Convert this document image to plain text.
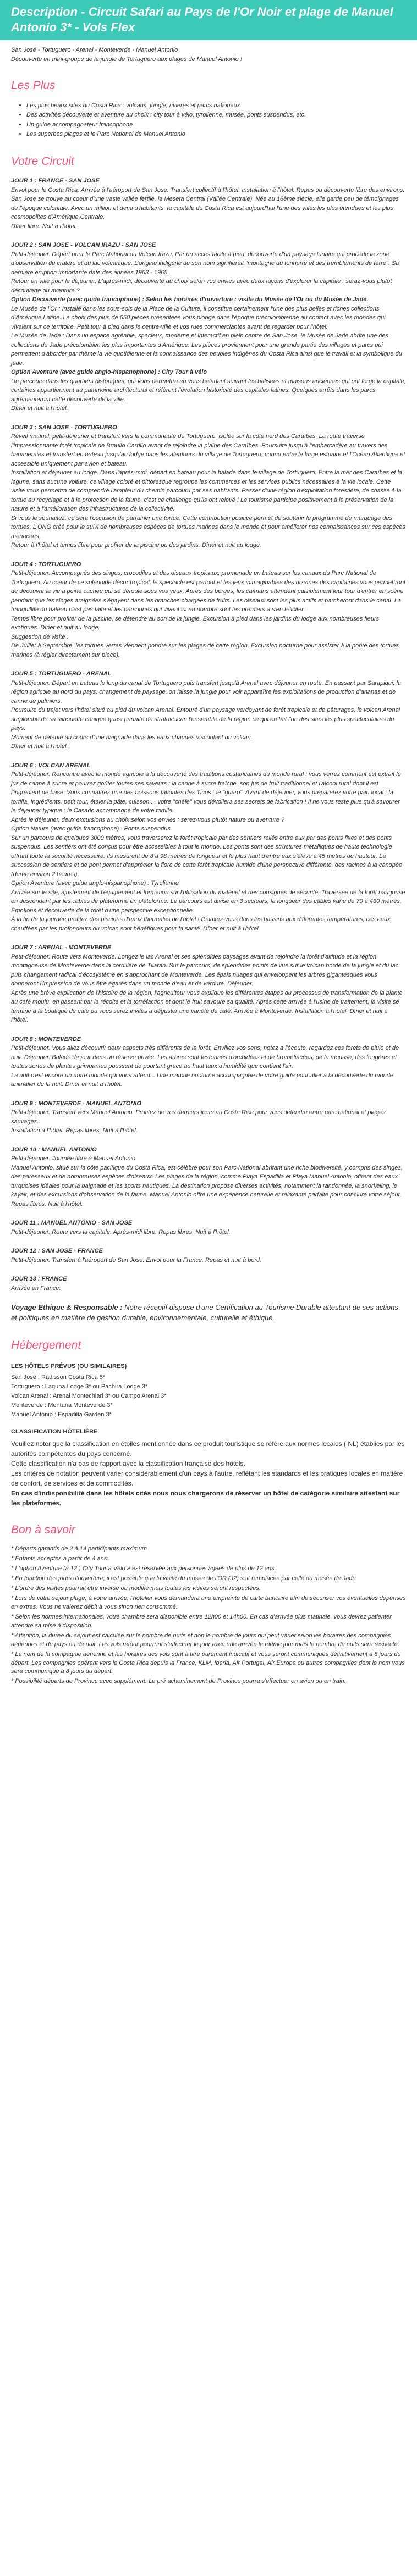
Description - Circuit Safari au Pays de l'Or Noir et plage de Manuel Antonio 3* - Vols Flex

San José - Tortuguero - Arenal - Monteverde - Manuel Antonio

Découverte en mini-groupe de la jungle de Tortuguero aux plages de Manuel Antonio !

Les Plus
• Les plus beaux sites du Costa Rica : volcans, jungle, rivières et parcs nationaux
• Des activités découverte et aventure au choix : city tour à vélo, tyrolienne, musée, ponts suspendus, etc.
• Un guide accompagnateur francophone
• Les superbes plages et le Parc National de Manuel Antonio
Votre Circuit

JOUR 1 : FRANCE - SAN JOSE

Envol pour le Costa Rica. Arrivée à l'aéroport de San Jose. Transfert collectif à l'hôtel. Installation à l'hôtel. Repas ou découverte libre des environs.

San Jose se trouve au coeur d'une vaste vallée fertile, la Meseta Central (Vallée Centrale). Née au 18ème siècle, elle garde peu de témoignages de l'époque coloniale. Avec un million et demi d'habitants, la capitale du Costa Rica est aujourd'hui l'une des villes les plus étendues et les plus cosmopolites d'Amérique Centrale.

Dîner libre. Nuit à l'hôtel.

JOUR 2 : SAN JOSE - VOLCAN IRAZU - SAN JOSE

Petit-déjeuner. Départ pour le Parc National du Volcan Irazu. Par un accès facile à pied, découverte d'un paysage lunaire qui procède la zone d'observation du cratère et du lac volcanique. L'origine indigène de son nom signifierait "montagne du tonnerre et des tremblements de terre". Sa dernière éruption importante date des années 1963 - 1965.

Retour en ville pour le déjeuner. L'après-midi, découverte au choix selon vos envies avec deux façons d'explorer la capitale : seraz-vous plutôt découverte ou aventure ?

Option Découverte (avec guide francophone) : Selon les horaires d'ouverture : visite du Musée de l'Or ou du Musée de Jade.

Le Musée de l'Or : Installé dans les sous-sols de la Place de la Culture, il constitue certainement l'une des plus belles et riches collections d'Amérique Latine. Le choix des plus de 650 pièces présentées vous plonge dans l'époque précolombienne au contact avec les mondes qui vivaient sur ce territoire. Petit tour à pied dans le centre-ville et vos rues commerciantes avant de regarder pour l'hôtel.

Le Musée de Jade : Dans un espace agréable, spacieux, moderne et interactif en plein centre de San Jose, le Musée de Jade abrite une des collections de Jade précolombien les plus importantes d'Amérique. Les pièces proviennent pour une grande partie des villages et parcs qui permettent d'aborder par thème la vie quotidienne et la connaissance des peuples indigènes du Costa Rica ainsi que le travail et la symbolique du jade.

Option Aventure (avec guide anglo-hispanophone) : City Tour à vélo

Un parcours dans les quartiers historiques, qui vous permettra en vous baladant suivant les balisées et maisons anciennes qui ont forgé la capitale, certaines appartiennent au patrimoine architectural et réfèrent l'évolution historicité des capitales latines. Quelques arrêts dans les parcs agrémenteront cette découverte de la ville.

Dîner et nuit à l'hôtel.

JOUR 3 : SAN JOSE - TORTUGUERO

Réveil matinal, petit-déjeuner et transfert vers la communauté de Tortuguero, isolée sur la côte nord des Caraïbes. La route traverse l'impressionnante forêt tropicale de Braulio Carrillo avant de rejoindre la plaine des Caraïbes. Poursuite jusqu'à l'embarcadère au travers des bananeraies et transfert en bateau jusqu'au lodge dans les alentours du village de Tortuguero, connu entre le large estuaire et l'Océan Atlantique et accessible uniquement par avion et bateau.

Installation et déjeuner au lodge. Dans l'après-midi, départ en bateau pour la balade dans le village de Tortuguero. Entre la mer des Caraïbes et la lagune, sans aucune voiture, ce village coloré et pittoresque regroupe les commerces et les services publics nécessaires à la vie locale. Cette visite vous permettra de comprendre l'ampleur du chemin parcouru par ses habitants. Passer d'une région d'exploitation forestière, de chasse à la tortue au recyclage et à la protection de la faune, c'est ce challenge qu'ils ont relevé ! Le tourisme participe positivement à la préservation de la nature et à l'amélioration des infrastructures de la collectivité.

Si vous le souhaitez, ce sera l'occasion de parrainer une tortue. Cette contribution positive permet de soutenir le programme de marquage des tortues. L'ONG créé pour le suivi de nombreuses espèces de tortues marines dans le monde et pour améliorer nos connaissances sur ces espèces menacées.

Retour à l'hôtel et temps libre pour profiter de la piscine ou des jardins. Dîner et nuit au lodge.

JOUR 4 : TORTUGUERO

Petit-déjeuner. Accompagnés des singes, crocodiles et des oiseaux tropicaux, promenade en bateau sur les canaux du Parc National de Tortuguero. Au coeur de ce splendide décor tropical, le spectacle est partout et les jeux inimaginables des dizaines des capitaines vous permettront de découvrir la vie à peine cachée qui se déroule sous vos yeux. Après des berges, les caïmans attendent paisiblement leur tour d'entrer en scène pendant que les singes araignées s'égayent dans les branches chargées de fruits. Les oiseaux sont les plus actifs et parcheront dans le canal. La tranquillité du bateau n'est pas faite et les personnes qui vivent ici en nombre sont les premiers à s'en féliciter.

Temps libre pour profiter de la piscine, se détendre au son de la jungle. Excursion à pied dans les jardins du lodge aux nombreuses fleurs exotiques. Dîner et nuit au lodge.

Suggestion de visite :

De Juillet à Septembre, les tortues vertes viennent pondre sur les plages de cette région. Excursion nocturne pour assister à la ponte des tortues marines (à régler directement sur place).

JOUR 5 : TORTUGUERO - ARENAL

Petit-déjeuner. Départ en bateau le long du canal de Tortuguero puis transfert jusqu'à Arenal avec déjeuner en route. En passant par Sarapiqui, la région agricole au nord du pays, changement de paysage, on laisse la jungle pour voir apparaître les exploitations de production d'ananas et de canne de palmiers.

Poursuite du trajet vers l'hôtel situé au pied du volcan Arenal. Entouré d'un paysage verdoyant de forêt tropicale et de pâturages, le volcan Arenal surplombe de sa silhouette conique quasi parfaite de stratovolcan l'ensemble de la région ce qui en fait l'un des sites les plus spectaculaires du pays.

Moment de détente au cours d'une baignade dans les eaux chaudes viscoulant du volcan.

Dîner et nuit à l'hôtel.

JOUR 6 : VOLCAN ARENAL

Petit-déjeuner. Rencontre avec le monde agricole à la découverte des traditions costaricaines du monde rural : vous verrez comment est extrait le jus de canne à sucre et pourrez goûter toutes ses saveurs : la canne à sucre fraîche, son jus de fruit traditionnel et l'alcool rural dont il est l'ingrédient de base. Vous connaîtrez une des boissons favorites des Ticos : le "guaro". Avant de déjeuner, vous préparerez votre pain local : la tortilla. Ingrédients, petit tour, étaler la pâte, cuisson.... votre "chéfe" vous dévoilera ses secrets de fabrication ! Il ne vous reste plus qu'à savourer le déjeuner typique : le Casado accompagné de votre tortilla.

Après le déjeuner, deux excursions au choix selon vos envies : serez-vous plutôt nature ou aventure ?

Option Nature (avec guide francophone) : Ponts suspendus

Sur un parcours de quelques 3000 mètres, vous traverserez la forêt tropicale par des sentiers reliés entre eux par des ponts fixes et des ponts suspendus. Les sentiers ont été conçus pour être accessibles à tout le monde. Les ponts sont des structures métalliques de haute technologie offrant toute la sécurité nécessaire. Ils mesurent de 8 à 98 mètres de longueur et le plus haut d'entre eux s'élève à 45 mètres de hauteur. La succession de sentiers et de pont permet d'apprécier la flore de cette forêt tropicale humide d'une perspective différente, des racines à la canopée (durée environ 2 heures).

Option Aventure (avec guide anglo-hispanophone) : Tyrolienne

Arrivée sur le site, ajustement de l'équipement et formation sur l'utilisation du matériel et des consignes de sécurité. Traversée de la forêt naugouse en descendant par les câbles de plateforme en plateforme. Le parcours est divisé en 3 secteurs, la longueur des câbles varie de 70 à 430 mètres. Émotions et découverte de la forêt d'une perspective exceptionnelle.

À la fin de la journée profitez des piscines d'eaux thermales de l'hôtel ! Relaxez-vous dans les bassins aux différentes températures, ces eaux chauffées par les profondeurs du volcan sont bénéfiques pour la santé. Dîner et nuit à l'hôtel.

JOUR 7 : ARENAL - MONTEVERDE

Petit-déjeuner. Route vers Monteverde. Longez le lac Arenal et ses splendides paysages avant de rejoindre la forêt d'altitude et la région montagneuse de Monteverde dans la cordillère de Tilaran. Sur le parcours, de splendides points de vue sur le volcan horde de la jungle et du lac puis changement radical d'écosystème en s'approchant de Monteverde. Les épais nuages qui enveloppent les arbres gigantesques vous donneront l'impression de vous être égarés dans un monde d'eau et de verdure. Déjeuner.

Après une brève explication de l'histoire de la région, l'agriculteur vous explique les différentes étapes du processus de transformation de la plante au café moulu, en passant par la récolte et la torréfaction et dont le fruit savoure sa qualité. Après cette arrivée à l'usine de traitement, la visite se termine à la boutique de café ou vous serez invités à déguster une variété de café. Arrivée à Monteverde. Installation à l'hôtel. Dîner et nuit à l'hôtel.

JOUR 8 : MONTEVERDE

Petit-déjeuner. Vous allez découvrir deux aspects très différents de la forêt. Envillez vos sens, notez a l'écoute, regardez ces forets de pluie et de nuit. Déjeuner. Balade de jour dans un réserve privée. Les arbres sont festonnés d'orchidées et de broméliacées, de la mousse, des fougères et toutes sortes de plantes grimpantes poussent de pourtant grace au haut taux d'humidité que contient l'air.

La nuit c'est encore un autre monde qui vous attend... Une marche nocturne accompagnée de votre guide pour aller à la découverte du monde animalier de la nuit. Dîner et nuit à l'hôtel.

JOUR 9 : MONTEVERDE - MANUEL ANTONIO

Petit-déjeuner. Transfert vers Manuel Antonio. Profitez de vos derniers jours au Costa Rica pour vous détendre entre parc national et plages sauvages.

Installation à l'hôtel. Repas libres. Nuit à l'hôtel.

JOUR 10 : MANUEL ANTONIO

Petit-déjeuner. Journée libre à Manuel Antonio.

Manuel Antonio, situé sur la côte pacifique du Costa Rica, est célèbre pour son Parc National abritant une riche biodiversité, y compris des singes, des paresseux et de nombreuses espèces d'oiseaux. Les plages de la région, comme Playa Espadilla et Playa Manuel Antonio, offrent des eaux turquoises idéales pour la baignade et les sports nautiques. La destination propose diverses activités, notamment la randonnée, la snorkeling, le kayak, et des excursions d'observation de la faune. Manuel Antonio offre une expérience naturelle et relaxante parfaite pour conclure votre séjour.

Repas libres. Nuit à l'hôtel.

JOUR 11 : MANUEL ANTONIO - SAN JOSE

Petit-déjeuner. Route vers la capitale. Après-midi libre. Repas libres. Nuit à l'hôtel.

JOUR 12 : SAN JOSE - FRANCE

Petit-déjeuner. Transfert à l'aéroport de San Jose. Envol pour la France. Repas et nuit à bord.

JOUR 13 : FRANCE

Arrivée en France.

Voyage Ethique & Responsable : Notre réceptif dispose d'une Certification au Tourisme Durable attestant de ses actions et politiques en matière de gestion durable, environnementale, culturelle et éthique.

Hébergement
LES HÔTELS PRÉVUS (OU SIMILAIRES)

San José : Radisson Costa Rica 5*

Tortuguero : Laguna Lodge 3* ou Pachira Lodge 3*

Volcan Arenal : Arenal Montechiari 3* ou Campo Arenal 3*

Monteverde : Montana Monteverde 3*

Manuel Antonio : Espadilla Garden 3*

CLASSIFICATION HÔTELIÈRE

Veuillez noter que la classification en étoiles mentionnée dans ce produit touristique se réfère aux normes locales ( NL) établies par les autorités compétentes du pays concerné.

Cette classification n'a pas de rapport avec la classification française des hôtels.

Les critères de notation peuvent varier considérablement d'un pays à l'autre, reflétant les standards et les pratiques locales en matière de confort, de services et de commodités.

En cas d'indisponibilité dans les hôtels cités nous nous chargerons de réserver un hôtel de catégorie similaire attestant sur les plateformes.

Bon à savoir

* Départs garantis de 2 à 14 participants maximum

* Enfants acceptés à partir de 4 ans.

* L'option Aventure (à 12 ) City Tour à Vélo » est réservée aux personnes âgées de plus de 12 ans.

* En fonction des jours d'ouverture, il est possible que la visite du musée de l'OR (J2) soit remplacée par celle du musée de Jade

* L'ordre des visites pourrait être inversé ou modifié mais toutes les visites seront respectées.

* Lors de votre séjour plage, à votre arrivée, l'hôtelier vous demandera une empreinte de carte bancaire afin de sécuriser vos éventuelles dépenses en extras. Vous ne valerez débit à vous sinon rien consommé.

* Selon les normes internationales, votre chambre sera disponible entre 12h00 et 14h00. En cas d'arrivée plus matinale, vous devrez patienter attendre sa mise à disposition.

* Attention, la durée du séjour est calculée sur le nombre de nuits et non le nombre de jours qui peut varier selon les horaires des compagnies aériennes et du pays ou de nuit. Les vols retour pourront s'effectuer le jour avec une arrivée le même jour mais le nombre de nuits sera respecté.

* Le nom de la compagnie aérienne et les horaires des vols sont à titre purement indicatif et vous seront communiqués définitivement à 8 jours du départ. Les compagnies opérant vers le Costa Rica depuis la France, KLM, Iberia, Air Portugal, Air Europa ou autres compagnies dont le nom vous sera communiqué à 8 jours du départ.

* Possibilité départs de Province avec supplément. Le pré acheminement de Province pourra s'effectuer en avion ou en train.
